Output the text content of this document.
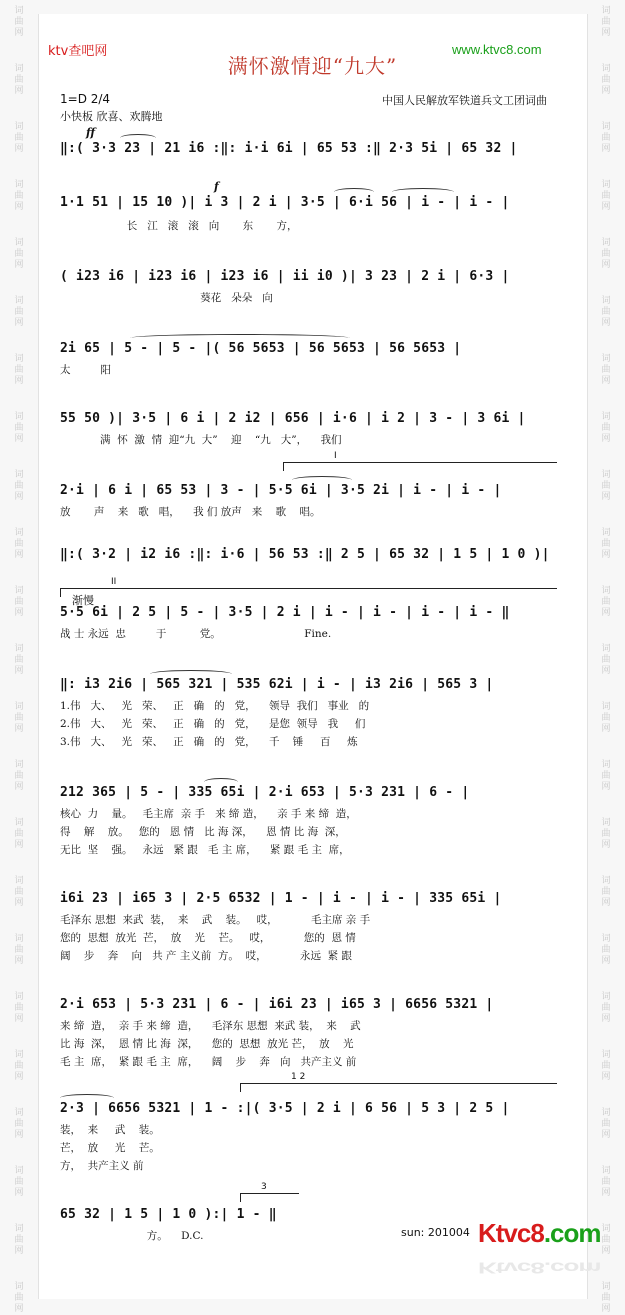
词
曲
网
词
曲
网
词
曲
网
词
曲
网
词
曲
网
词
曲
网
词
曲
网
词
曲
网
词
曲
网
词
曲
网
词
曲
网
词
曲
网
词
曲
网
词
曲
网
词
曲
网
词
曲
网
词
曲
网
词
曲
网
词
曲
网
词
曲
网
词
曲
网
词
曲
网
词
曲
网
词
曲
网
词
曲
网
词
曲
网
词
曲
网
词
曲
网
词
曲
网
词
曲
网
词
曲
网
词
曲
网
词
曲
网
词
曲
网
词
曲
网
词
曲
网
词
曲
网
词
曲
网
词
曲
网
词
曲
网
词
曲
网
词
曲
网
词
曲
网
词
曲
网
词
曲
网
词
曲
网
ktv查吧网	www.ktvc8.com
满怀激情迎“九大”
1=D 2/4	中国人民解放军铁道兵文工团词曲
小快板 欣喜、欢腾地
ff
f
I
II
渐慢
1 2
3
‖:( 3·3 23 | 21 i6 :‖: i·i 6i | 65 53 :‖ 2·3 5i | 65 32 |
1·1 51 | 15 10 )| i 3 | 2 i | 3·5 | 6·i 56 | i - | i - |
长   江   滚   滚   向       东       方，
( i23 i6 | i23 i6 | i23 i6 | ii i0 )| 3 23 | 2 i | 6·3 |
葵花   朵朵   向
2i 65 | 5 - | 5 - |( 56 5653 | 56 5653 | 56 5653 |
太         阳
55 50 )| 3·5 | 6 i | 2 i2 | 656 | i·6 | i 2 | 3 - | 3 6i |
满  怀  激  情  迎“九  大”    迎    “九   大”，    我们
2·i | 6 i | 65 53 | 3 - | 5·5 6i | 3·5 2i | i - | i - |
放       声    来   歌   唱，    我 们 放声   来    歌    唱。
‖:( 3·2 | i2 i6 :‖: i·6 | 56 53 :‖ 2 5 | 65 32 | 1 5 | 1 0 )|
5·5 6i | 2 5 | 5 - | 3·5 | 2 i | i - | i - | i - | i - ‖
战 士 永远  忠         于          党。                         Fine.
‖: i3 2i6 | 565 321 | 535 62i | i - | i3 2i6 | 565 3 |
1.伟   大、   光   荣、   正   确   的   党，    领导  我们   事业   的
2.伟   大、   光   荣、   正   确   的   党，    是您  领导   我     们
3.伟   大、   光   荣、   正   确   的   党，    千    锤     百     炼
212 365 | 5 - | 335 65i | 2·i 653 | 5·3 231 | 6 - |
核心  力    量。   毛主席  亲 手   来 缔 造，    亲 手 来 缔  造，
得    解    放。   您的   恩 情   比 海 深，    恩 情 比 海  深，
无比  坚    强。   永远   紧 跟   毛 主 席，    紧 跟 毛 主  席，
i6i 23 | i65 3 | 2·5 6532 | 1 - | i - | i - | 335 65i |
毛泽东 思想  来武  装，  来    武    装。   哎，          毛主席 亲 手
您的  思想  放光  芒，  放    光    芒。   哎，          您的  恩 情
阔    步    奔    向   共 产 主义前  方。  哎，          永远  紧 跟
2·i 653 | 5·3 231 | 6 - | i6i 23 | i65 3 | 6656 5321 |
来 缔  造，  亲 手 来 缔  造，    毛泽东 思想  来武 装，  来    武
比 海  深，  恩 情 比 海  深，    您的  思想  放光 芒，  放    光
毛 主  席，  紧 跟 毛 主  席，    阔    步    奔   向   共产主义 前
2·3 | 6656 5321 | 1 - :|( 3·5 | 2 i | 6 56 | 5 3 | 2 5 |
装，  来     武    装。
芒，  放     光    芒。
方，  共产主义 前
65 32 | 1 5 | 1 0 ):| 1 - ‖
方。    D.C.	sun: 201004 Ktvc8.com
Ktvc8.com
